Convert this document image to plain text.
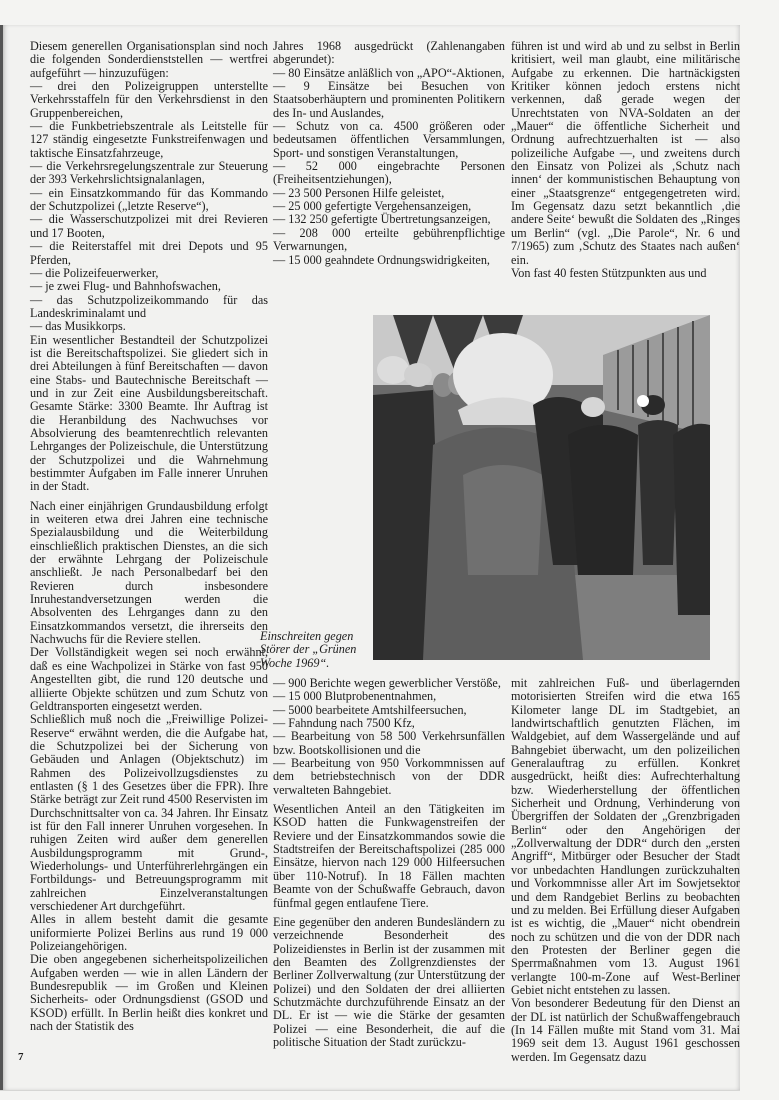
Diesem generellen Organisationsplan sind noch die folgenden Sonderdienststellen — wertfrei aufgeführt — hinzuzufügen:

— drei den Polizeigruppen unterstellte Verkehrsstaffeln für den Verkehrsdienst in den Gruppenbereichen,

— die Funkbetriebszentrale als Leitstelle für 127 ständig eingesetzte Funkstreifenwagen und taktische Einsatzfahrzeuge,

— die Verkehrsregelungszentrale zur Steuerung der 393 Verkehrslichtsignalanlagen,

— ein Einsatzkommando für das Kommando der Schutzpolizei („letzte Reserve“),

— die Wasserschutzpolizei mit drei Revieren und 17 Booten,

— die Reiterstaffel mit drei Depots und 95 Pferden,

— die Polizeifeuerwerker,

— je zwei Flug- und Bahnhofswachen,

— das Schutzpolizeikommando für das Landeskriminalamt und

— das Musikkorps.

Ein wesentlicher Bestandteil der Schutzpolizei ist die Bereitschaftspolizei. Sie gliedert sich in drei Abteilungen à fünf Bereitschaften — davon eine Stabs- und Bautechnische Bereitschaft — und in zur Zeit eine Ausbildungsbereitschaft. Gesamte Stärke: 3300 Beamte. Ihr Auftrag ist die Heranbildung des Nachwuchses vor Absolvierung des beamtenrechtlich relevanten Lehrganges der Polizeischule, die Unterstützung der Schutzpolizei und die Wahrnehmung bestimmter Aufgaben im Falle innerer Unruhen in der Stadt.

Nach einer einjährigen Grundausbildung erfolgt in weiteren etwa drei Jahren eine technische Spezialausbildung und die Weiterbildung einschließlich praktischen Dienstes, an die sich der erwähnte Lehrgang der Polizeischule anschließt. Je nach Personalbedarf bei den Revieren durch insbesondere Inruhestandversetzungen werden die Absolventen des Lehrganges dann zu den Einsatzkommandos versetzt, die ihrerseits den Nachwuchs für die Reviere stellen.

Der Vollständigkeit wegen sei noch erwähnt, daß es eine Wachpolizei in Stärke von fast 950 Angestellten gibt, die rund 120 deutsche und alliierte Objekte schützen und zum Schutz von Geldtransporten eingesetzt werden.

Schließlich muß noch die „Freiwillige Polizei-Reserve“ erwähnt werden, die die Aufgabe hat, die Schutzpolizei bei der Sicherung von Gebäuden und Anlagen (Objektschutz) im Rahmen des Polizeivollzugsdienstes zu entlasten (§ 1 des Gesetzes über die FPR). Ihre Stärke beträgt zur Zeit rund 4500 Reservisten im Durchschnittsalter von ca. 34 Jahren. Ihr Einsatz ist für den Fall innerer Unruhen vorgesehen. In ruhigen Zeiten wird außer dem generellen Ausbildungsprogramm mit Grund-, Wiederholungs- und Unterführerlehrgängen ein Fortbildungs- und Betreuungsprogramm mit zahlreichen Einzelveranstaltungen verschiedener Art durchgeführt.

Alles in allem besteht damit die gesamte uniformierte Polizei Berlins aus rund 19 000 Polizeiangehörigen.

Die oben angegebenen sicherheitspolizeilichen Aufgaben werden — wie in allen Ländern der Bundesrepublik — im Großen und Kleinen Sicherheits- oder Ordnungsdienst (GSOD und KSOD) erfüllt. In Berlin heißt dies konkret und nach der Statistik des

Jahres 1968 ausgedrückt (Zahlenangaben abgerundet):

— 80 Einsätze anläßlich von „APO“-Aktionen,

— 9 Einsätze bei Besuchen von Staatsoberhäuptern und prominenten Politikern des In- und Auslandes,

— Schutz von ca. 4500 größeren oder bedeutsamen öffentlichen Versammlungen, Sport- und sonstigen Veranstaltungen,

— 52 000 eingebrachte Personen (Freiheitsentziehungen),

— 23 500 Personen Hilfe geleistet,

— 25 000 gefertigte Vergehensanzeigen,

— 132 250 gefertigte Übertretungsanzeigen,

— 208 000 erteilte gebührenpflichtige Verwarnungen,

— 15 000 geahndete Ordnungswidrigkeiten,

führen ist und wird ab und zu selbst in Berlin kritisiert, weil man glaubt, eine militärische Aufgabe zu erkennen. Die hartnäckigsten Kritiker können jedoch erstens nicht verkennen, daß gerade wegen der Unrechtstaten von NVA-Soldaten an der „Mauer“ die öffentliche Sicherheit und Ordnung aufrechtzuerhalten ist — also polizeiliche Aufgabe —, und zweitens durch den Einsatz von Polizei als ‚Schutz nach innen‘ der kommunistischen Behauptung von einer „Staatsgrenze“ entgegengetreten wird. Im Gegensatz dazu setzt bekanntlich ‚die andere Seite‘ bewußt die Soldaten des „Ringes um Berlin“ (vgl. „Die Parole“, Nr. 6 und 7/1965) zum ‚Schutz des Staates nach außen‘ ein.

Von fast 40 festen Stützpunkten aus und

Einschreiten gegen Störer der „Grünen Woche 1969“.

— 900 Berichte wegen gewerblicher Verstöße,

— 15 000 Blutprobenentnahmen,

— 5000 bearbeitete Amtshilfeersuchen,

— Fahndung nach 7500 Kfz,

— Bearbeitung von 58 500 Verkehrsunfällen bzw. Bootskollisionen und die

— Bearbeitung von 950 Vorkommnissen auf dem betriebstechnisch von der DDR verwalteten Bahngebiet.

Wesentlichen Anteil an den Tätigkeiten im KSOD hatten die Funkwagenstreifen der Reviere und der Einsatzkommandos sowie die Stadtstreifen der Bereitschaftspolizei (285 000 Einsätze, hiervon nach 129 000 Hilfeersuchen über 110-Notruf). In 18 Fällen machten Beamte von der Schußwaffe Gebrauch, davon fünfmal gegen entlaufene Tiere.

Eine gegenüber den anderen Bundesländern zu verzeichnende Besonderheit des Polizeidienstes in Berlin ist der zusammen mit den Beamten des Zollgrenzdienstes der Berliner Zollverwaltung (zur Unterstützung der Polizei) und den Soldaten der drei alliierten Schutzmächte durchzuführende Einsatz an der DL. Er ist — wie die Stärke der gesamten Polizei — eine Besonderheit, die auf die politische Situation der Stadt zurückzu-

mit zahlreichen Fuß- und überlagernden motorisierten Streifen wird die etwa 165 Kilometer lange DL im Stadtgebiet, an landwirtschaftlich genutzten Flächen, im Waldgebiet, auf dem Wassergelände und auf Bahngebiet überwacht, um den polizeilichen Generalauftrag zu erfüllen. Konkret ausgedrückt, heißt dies: Aufrechterhaltung bzw. Wiederherstellung der öffentlichen Sicherheit und Ordnung, Verhinderung von Übergriffen der Soldaten der „Grenzbrigaden Berlin“ oder den Angehörigen der „Zollverwaltung der DDR“ durch den „ersten Angriff“, Mitbürger oder Besucher der Stadt vor unbedachten Handlungen zurückzuhalten und Vorkommnisse aller Art im Sowjetsektor und dem Randgebiet Berlins zu beobachten und zu melden. Bei Erfüllung dieser Aufgaben ist es wichtig, die „Mauer“ nicht obendrein noch zu schützen und die von der DDR nach den Protesten der Berliner gegen die Sperrmaßnahmen vom 13. August 1961 verlangte 100-m-Zone auf West-Berliner Gebiet nicht entstehen zu lassen.

Von besonderer Bedeutung für den Dienst an der DL ist natürlich der Schußwaffengebrauch (In 14 Fällen mußte mit Stand vom 31. Mai 1969 seit dem 13. August 1961 geschossen werden. Im Gegensatz dazu

7
